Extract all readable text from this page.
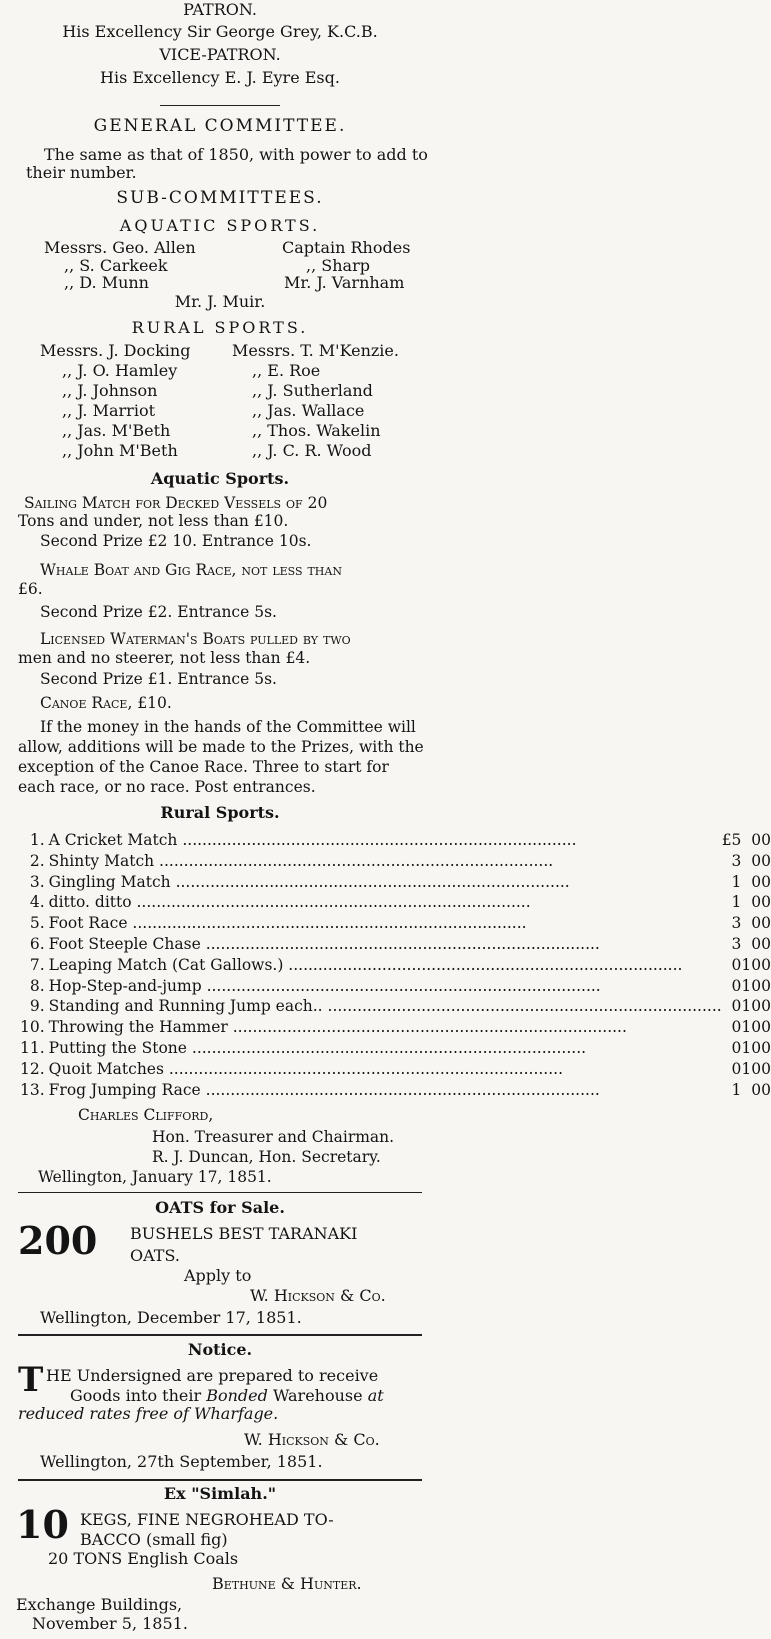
PATRON.
His Excellency Sir George Grey, K.C.B.
VICE-PATRON.
His Excellency E. J. Eyre Esq.
GENERAL COMMITTEE.
The same as that of 1850, with power to add to
their number.
SUB-COMMITTEES.
AQUATIC SPORTS.
Messrs. Geo. Allen	Captain Rhodes
,, S. Carkeek	,, Sharp
,, D. Munn	Mr. J. Varnham
Mr. J. Muir.
RURAL SPORTS.
Messrs. J. Docking	Messrs. T. M'Kenzie.
,, J. O. Hamley	,, E. Roe
,, J. Johnson	,, J. Sutherland
,, J. Marriot	,, Jas. Wallace
,, Jas. M'Beth	,, Thos. Wakelin
,, John M'Beth	,, J. C. R. Wood
Aquatic Sports.
Sailing Match for Decked Vessels of 20
Tons and under, not less than £10.
Second Prize £2 10. Entrance 10s.
Whale Boat and Gig Race, not less than
£6.
Second Prize £2. Entrance 5s.
Licensed Waterman's Boats pulled by two
men and no steerer, not less than £4.
Second Prize £1. Entrance 5s.
Canoe Race, £10.
If the money in the hands of the Committee will
allow, additions will be made to the Prizes, with the
exception of the Canoe Race. Three to start for
each race, or no race. Post entrances.
Rural Sports.
1.	A Cricket Match ................................................................................	£5	0	0
2.	Shinty Match ................................................................................	3	0	0
3.	Gingling Match ................................................................................	1	0	0
4.	ditto. ditto ................................................................................	1	0	0
5.	Foot Race ................................................................................	3	0	0
6.	Foot Steeple Chase ................................................................................	3	0	0
7.	Leaping Match (Cat Gallows.) ................................................................................	0	10	0
8.	Hop-Step-and-jump ................................................................................	0	10	0
9.	Standing and Running Jump each.. ................................................................................	0	10	0
10.	Throwing the Hammer ................................................................................	0	10	0
11.	Putting the Stone ................................................................................	0	10	0
12.	Quoit Matches ................................................................................	0	10	0
13.	Frog Jumping Race ................................................................................	1	0	0
Charles Clifford,
Hon. Treasurer and Chairman.
R. J. Duncan, Hon. Secretary.
Wellington, January 17, 1851.
OATS for Sale.
200 BUSHELS BEST TARANAKI
OATS.
Apply to
W. Hickson & Co.
Wellington, December 17, 1851.
Notice.
T HE Undersigned are prepared to receive
Goods into their Bonded Warehouse at
reduced rates free of Wharfage.
W. Hickson & Co.
Wellington, 27th September, 1851.
Ex "Simlah."
10 KEGS, FINE NEGROHEAD TO-
BACCO (small fig)
20 TONS English Coals
Bethune & Hunter.
Exchange Buildings,
November 5, 1851.
